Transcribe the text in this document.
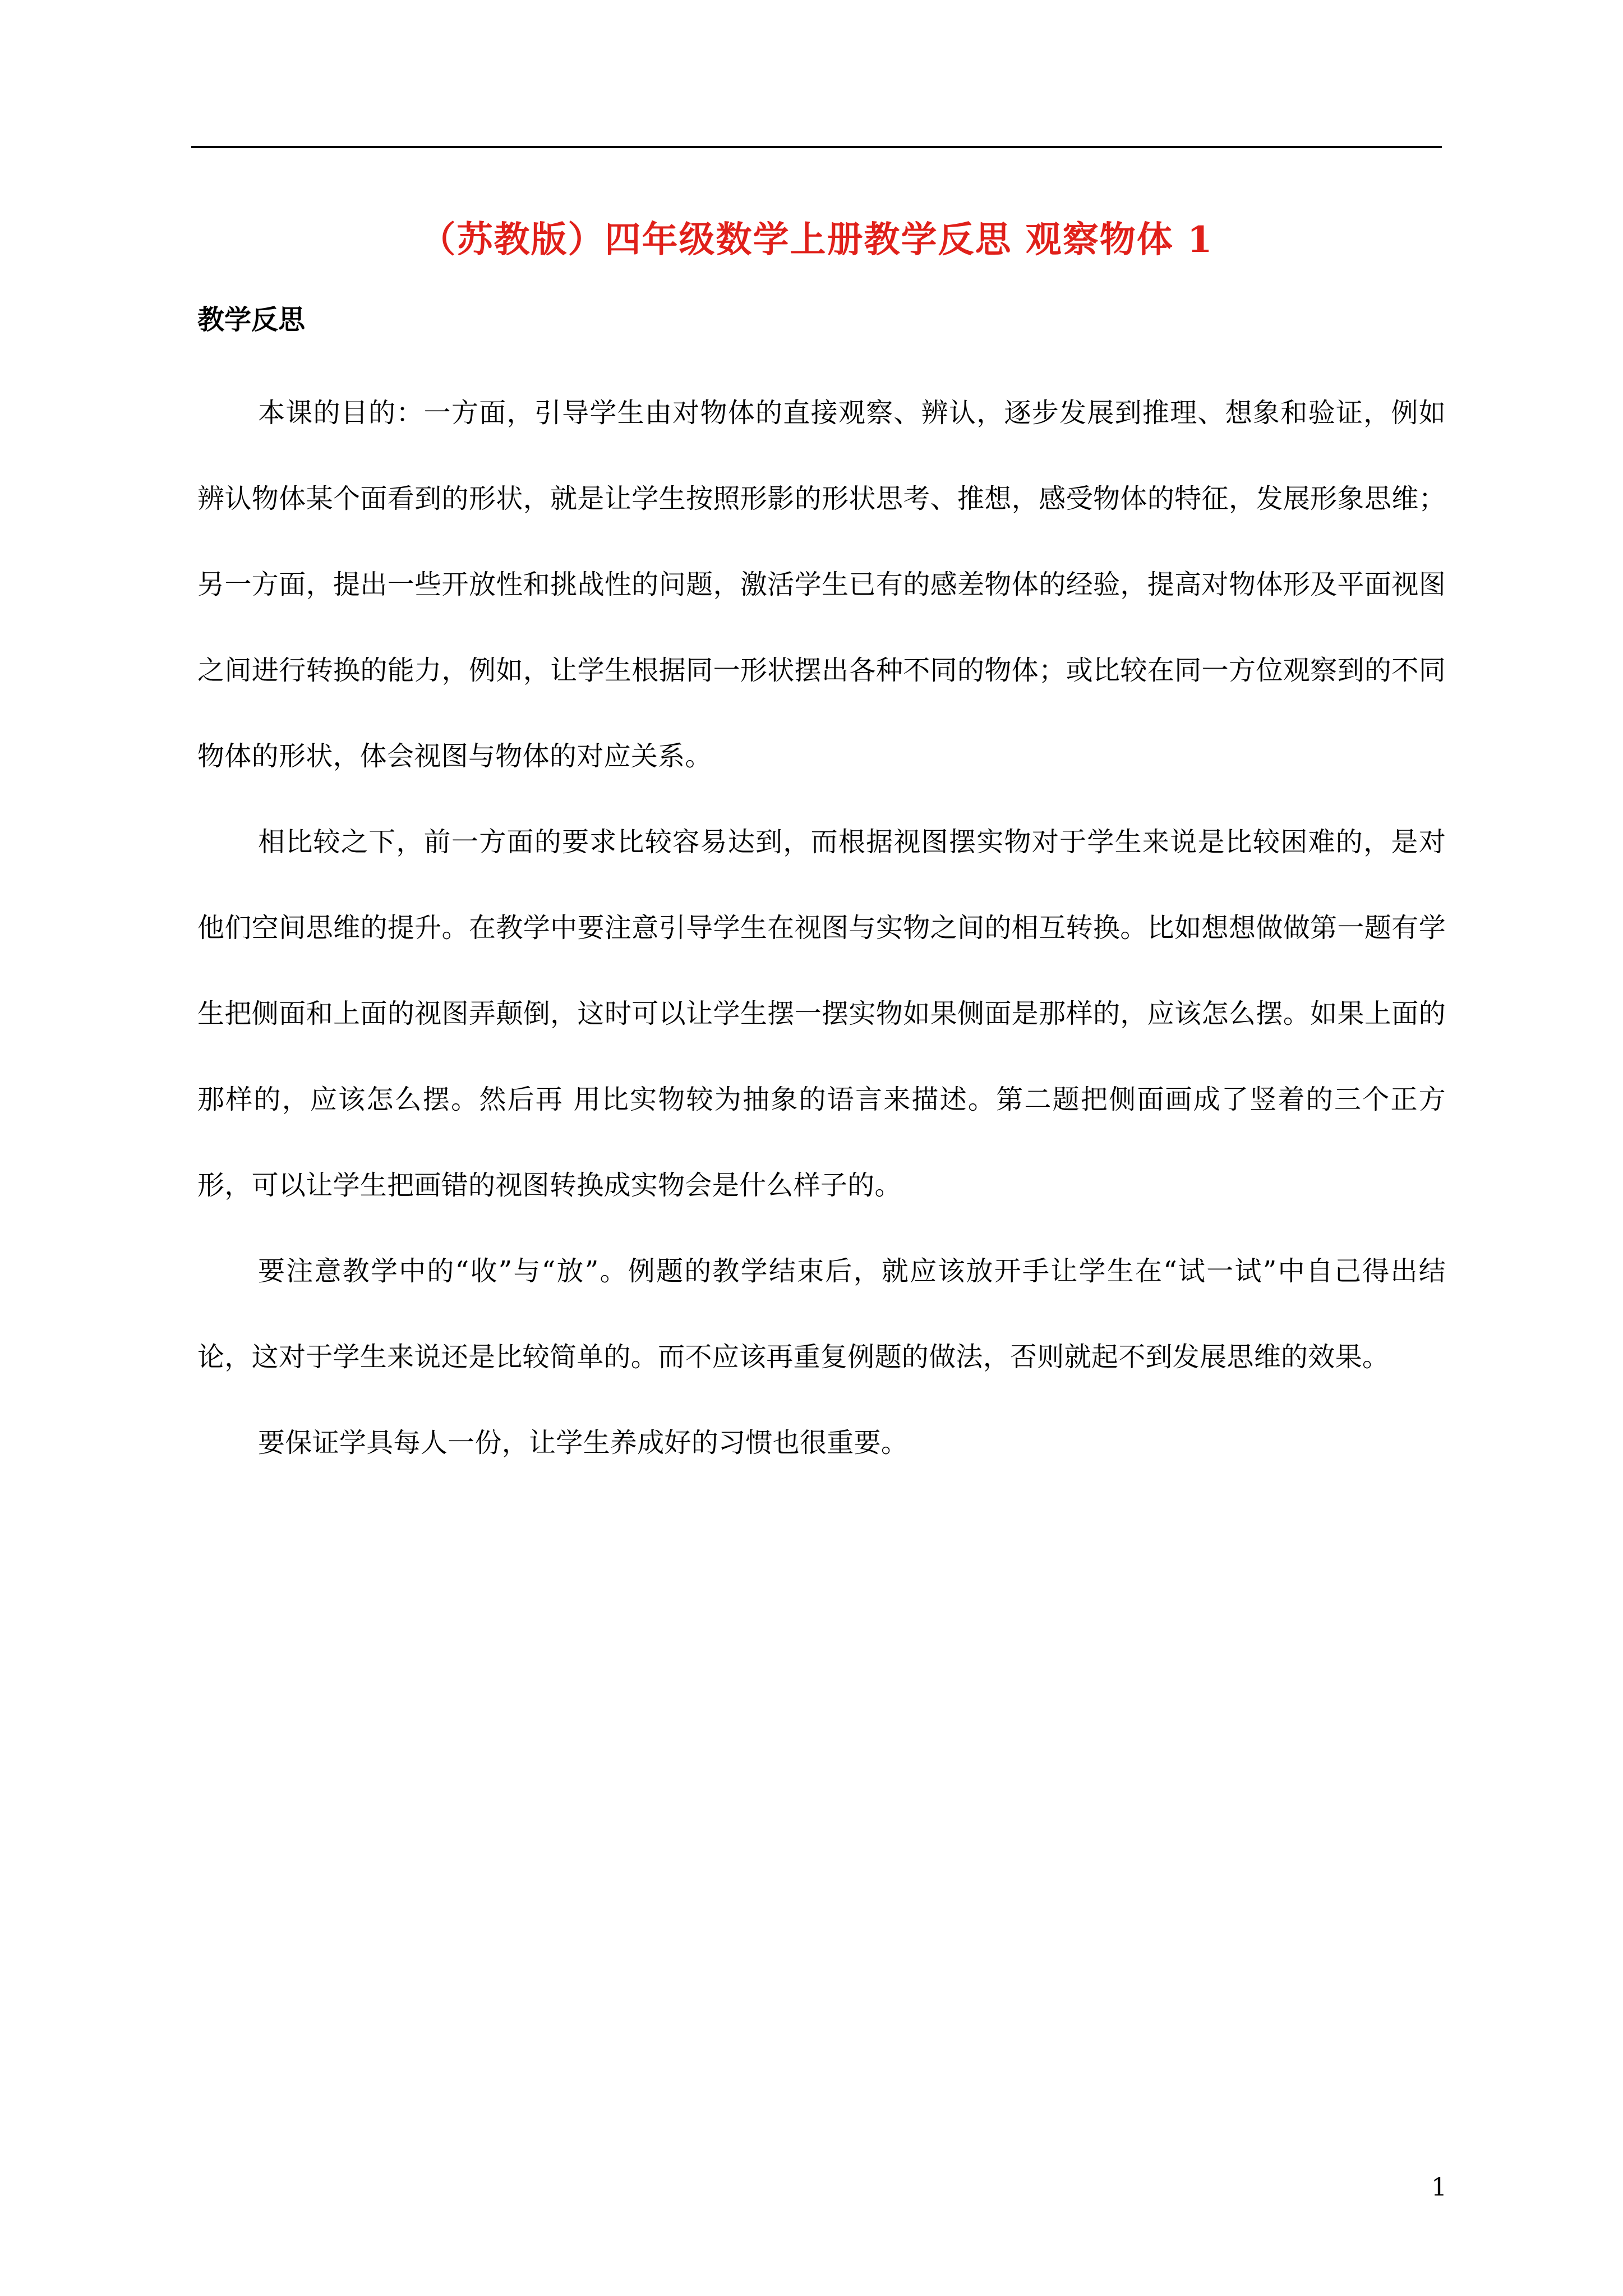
（苏教版）四年级数学上册教学反思 观察物体 1
教学反思

本课的目的：一方面，引导学生由对物体的直接观察、辨认，逐步发展到推理、想象和验证，例如辨认物体某个面看到的形状，就是让学生按照形影的形状思考、推想，感受物体的特征，发展形象思维；另一方面，提出一些开放性和挑战性的问题，激活学生已有的感差物体的经验，提高对物体形及平面视图之间进行转换的能力，例如，让学生根据同一形状摆出各种不同的物体；或比较在同一方位观察到的不同物体的形状，体会视图与物体的对应关系。

相比较之下，前一方面的要求比较容易达到，而根据视图摆实物对于学生来说是比较困难的，是对他们空间思维的提升。在教学中要注意引导学生在视图与实物之间的相互转换。比如想想做做第一题有学生把侧面和上面的视图弄颠倒，这时可以让学生摆一摆实物如果侧面是那样的，应该怎么摆。如果上面的那样的，应该怎么摆。然后再 用比实物较为抽象的语言来描述。第二题把侧面画成了竖着的三个正方形，可以让学生把画错的视图转换成实物会是什么样子的。

要注意教学中的“收”与“放”。例题的教学结束后，就应该放开手让学生在“试一试”中自己得出结论，这对于学生来说还是比较简单的。而不应该再重复例题的做法，否则就起不到发展思维的效果。

要保证学具每人一份，让学生养成好的习惯也很重要。

1
